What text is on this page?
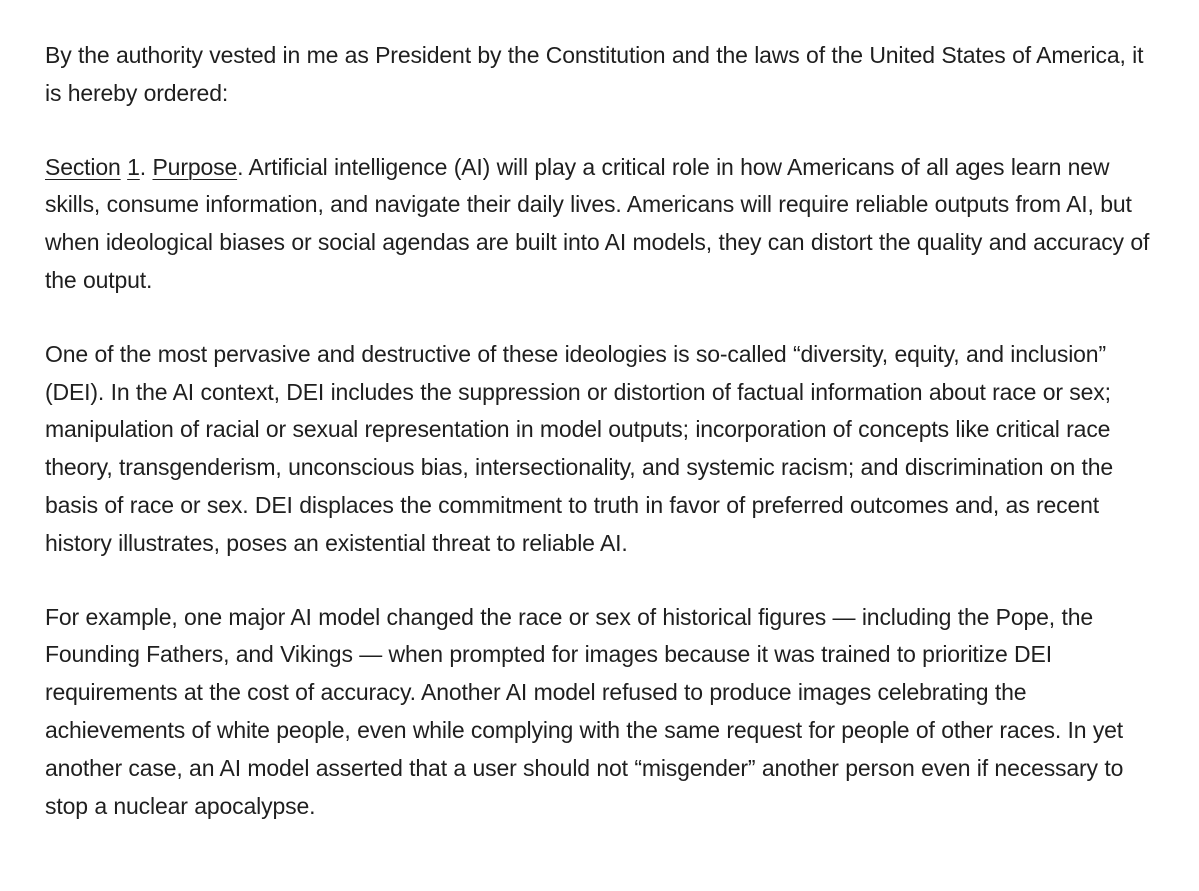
By the authority vested in me as President by the Constitution and the laws of the United States of America, it is hereby ordered:

Section 1. Purpose. Artificial intelligence (AI) will play a critical role in how Americans of all ages learn new skills, consume information, and navigate their daily lives. Americans will require reliable outputs from AI, but when ideological biases or social agendas are built into AI models, they can distort the quality and accuracy of the output.

One of the most pervasive and destructive of these ideologies is so-called “diversity, equity, and inclusion” (DEI). In the AI context, DEI includes the suppression or distortion of factual information about race or sex; manipulation of racial or sexual representation in model outputs; incorporation of concepts like critical race theory, transgenderism, unconscious bias, intersectionality, and systemic racism; and discrimination on the basis of race or sex. DEI displaces the commitment to truth in favor of preferred outcomes and, as recent history illustrates, poses an existential threat to reliable AI.

For example, one major AI model changed the race or sex of historical figures — including the Pope, the Founding Fathers, and Vikings — when prompted for images because it was trained to prioritize DEI requirements at the cost of accuracy. Another AI model refused to produce images celebrating the achievements of white people, even while complying with the same request for people of other races. In yet another case, an AI model asserted that a user should not “misgender” another person even if necessary to stop a nuclear apocalypse.
